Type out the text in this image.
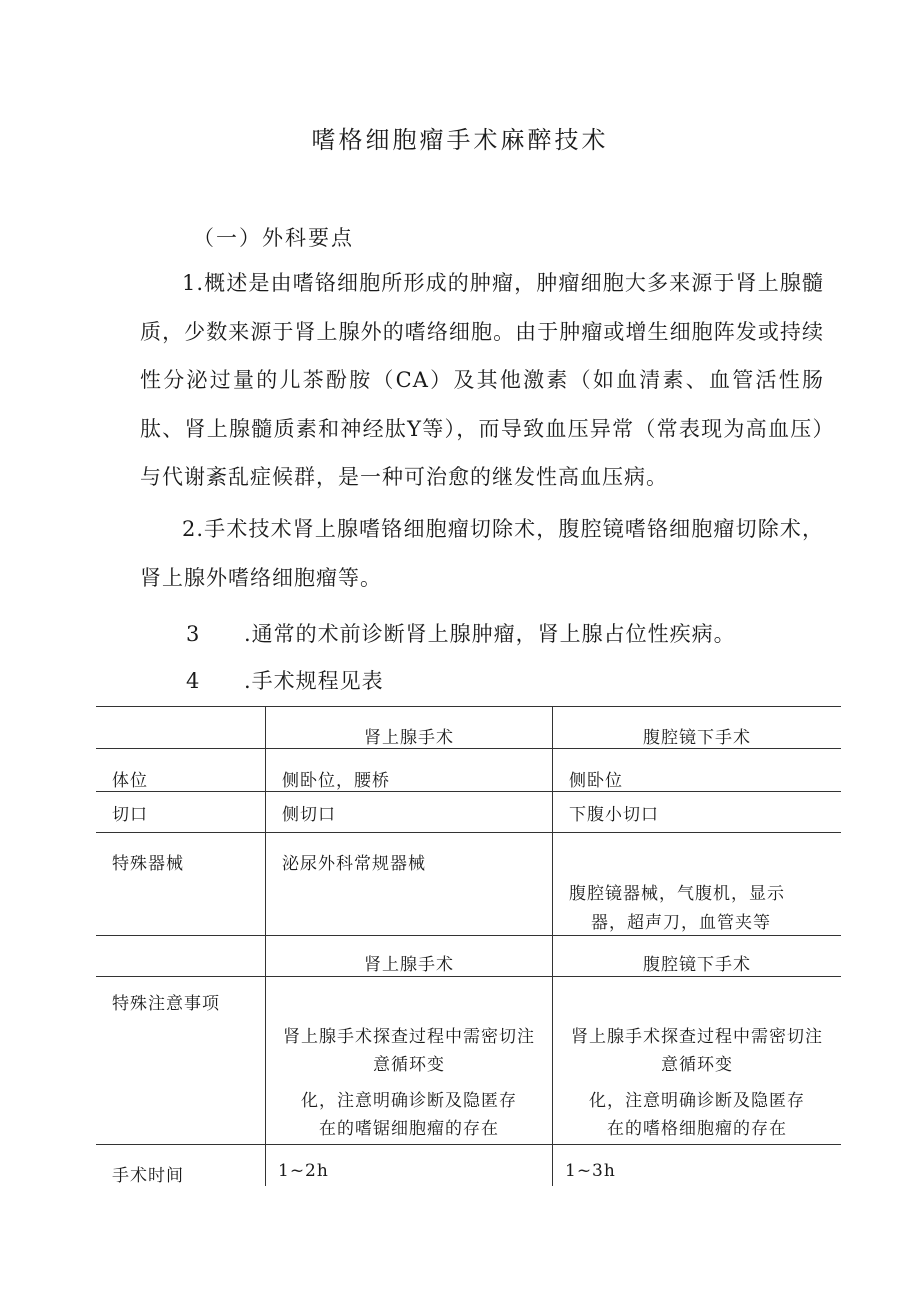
嗜格细胞瘤手术麻醉技术
（一）外科要点

1.概述是由嗜铬细胞所形成的肿瘤，肿瘤细胞大多来源于肾上腺髓质，少数来源于肾上腺外的嗜络细胞。由于肿瘤或增生细胞阵发或持续性分泌过量的儿茶酚胺（CA）及其他激素（如血清素、血管活性肠肽、肾上腺髓质素和神经肽Y等），而导致血压异常（常表现为高血压）与代谢紊乱症候群，是一种可治愈的继发性高血压病。

2.手术技术肾上腺嗜铬细胞瘤切除术，腹腔镜嗜铬细胞瘤切除术，肾上腺外嗜络细胞瘤等。

3 .通常的术前诊断肾上腺肿瘤，肾上腺占位性疾病。
4 .手术规程见表

	肾上腺手术	腹腔镜下手术

体位	侧卧位，腰桥	侧卧位

切口	侧切口	下腹小切口

特殊器械	泌尿外科常规器械	腹腔镜器械，气腹机，显示
器，超声刀，血管夹等

	肾上腺手术	腹腔镜下手术

特殊注意事项	肾上腺手术探查过程中需密切注
意循环变
化，注意明确诊断及隐匿存
在的嗜锯细胞瘤的存在	肾上腺手术探查过程中需密切注
意循环变
化，注意明确诊断及隐匿存
在的嗜格细胞瘤的存在

手术时间	1~2h	1~3h
